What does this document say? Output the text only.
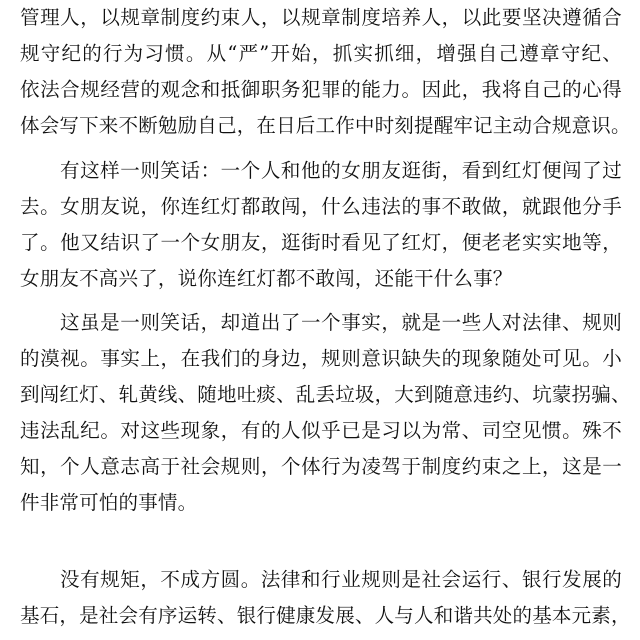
管理人，以规章制度约束人，以规章制度培养人，以此要坚决遵循合
规守纪的行为习惯。从“严”开始，抓实抓细，增强自己遵章守纪、
依法合规经营的观念和抵御职务犯罪的能力。因此，我将自己的心得
体会写下来不断勉励自己，在日后工作中时刻提醒牢记主动合规意识。
有这样一则笑话：一个人和他的女朋友逛街，看到红灯便闯了过
去。女朋友说，你连红灯都敢闯，什么违法的事不敢做，就跟他分手
了。他又结识了一个女朋友，逛街时看见了红灯，便老老实实地等，
女朋友不高兴了，说你连红灯都不敢闯，还能干什么事？
这虽是一则笑话，却道出了一个事实，就是一些人对法律、规则
的漠视。事实上，在我们的身边，规则意识缺失的现象随处可见。小
到闯红灯、轧黄线、随地吐痰、乱丢垃圾，大到随意违约、坑蒙拐骗、
违法乱纪。对这些现象，有的人似乎已是习以为常、司空见惯。殊不
知，个人意志高于社会规则，个体行为凌驾于制度约束之上，这是一
件非常可怕的事情。
没有规矩，不成方圆。法律和行业规则是社会运行、银行发展的
基石，是社会有序运转、银行健康发展、人与人和谐共处的基本元素，
